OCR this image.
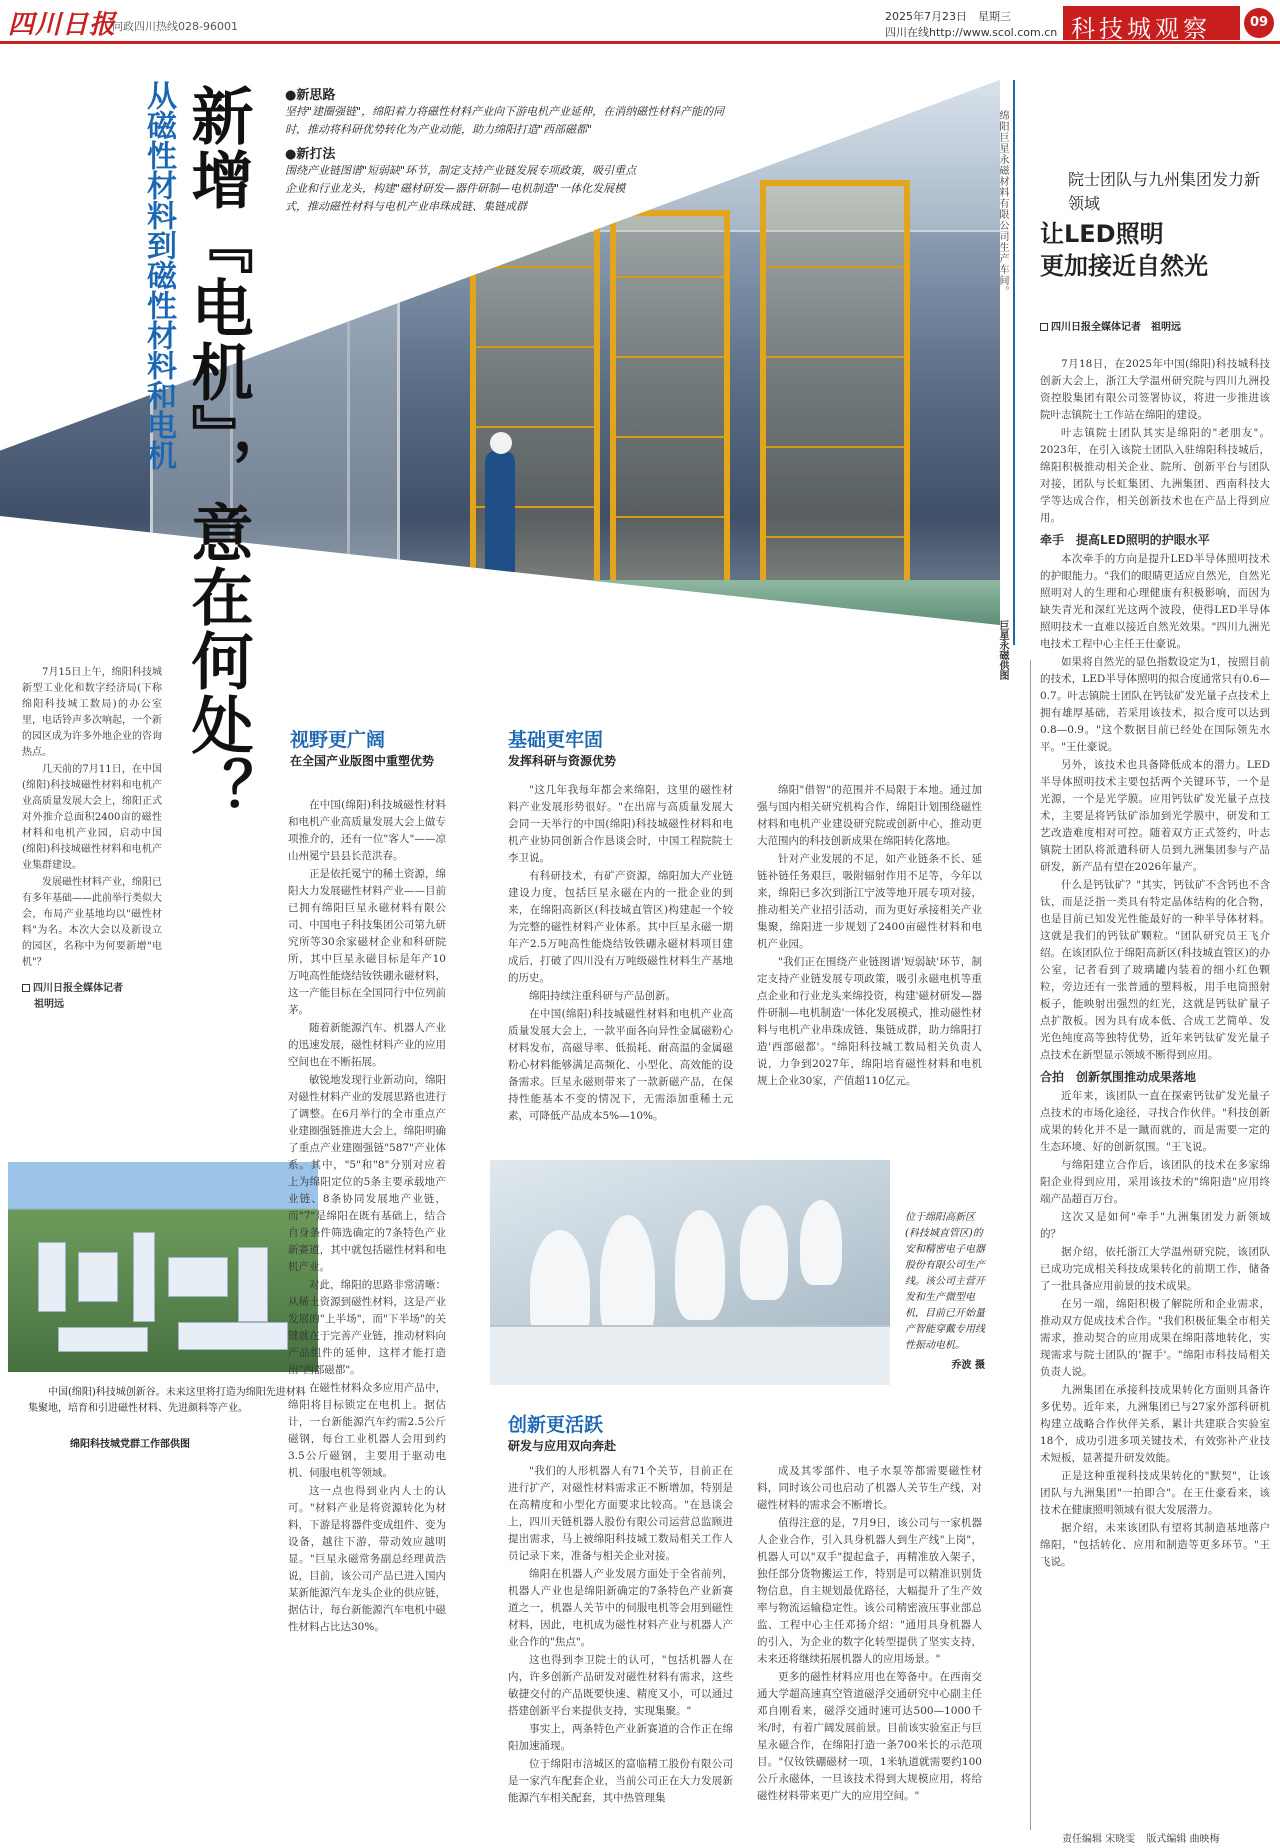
四川日报
问政四川热线028-96001
2025年7月23日　星期三
四川在线http://www.scol.com.cn 科技城观察	09
绵阳巨星永磁材料有限公司生产车间。
巨星永磁供图
从磁性材料到磁性材料和电机 新增『电机』，意在何处？ ●新思路
坚持"建圈强链"，绵阳着力将磁性材料产业向下游电机产业延伸，在消纳磁性材料产能的同时，推动将科研优势转化为产业动能，助力绵阳打造"西部磁都"
●新打法
围绕产业链图谱"短弱缺"环节，制定支持产业链发展专项政策，吸引重点企业和行业龙头，构建"磁材研发—器件研制—电机制造"一体化发展模式，推动磁性材料与电机产业串珠成链、集链成群

7月15日上午，绵阳科技城新型工业化和数字经济局(下称绵阳科技城工数局)的办公室里，电话铃声多次响起，一个新的园区成为许多外地企业的咨询热点。

几天前的7月11日，在中国(绵阳)科技城磁性材料和电机产业高质量发展大会上，绵阳正式对外推介总面积2400亩的磁性材料和电机产业园，启动中国(绵阳)科技城磁性材料和电机产业集群建设。

发展磁性材料产业，绵阳已有多年基础——此前举行类似大会，布局产业基地均以"磁性材料"为名。本次大会以及新设立的园区，名称中为何要新增"电机"？

四川日报全媒体记者
祖明远
中国(绵阳)科技城创新谷。未来这里将打造为绵阳先进材料集聚地，培育和引进磁性材料、先进颜料等产业。
绵阳科技城党群工作部供图
视野更广阔
在全国产业版图中重塑优势

在中国(绵阳)科技城磁性材料和电机产业高质量发展大会上做专项推介的，还有一位"客人"——凉山州冕宁县县长范洪春。

正是依托冕宁的稀土资源，绵阳大力发展磁性材料产业——目前已拥有绵阳巨星永磁材料有限公司、中国电子科技集团公司第九研究所等30余家磁材企业和科研院所，其中巨星永磁目标是年产10万吨高性能烧结钕铁硼永磁材料，这一产能目标在全国同行中位列前茅。

随着新能源汽车、机器人产业的迅速发展，磁性材料产业的应用空间也在不断拓展。

敏锐地发现行业新动向，绵阳对磁性材料产业的发展思路也进行了调整。在6月举行的全市重点产业建圈强链推进大会上，绵阳明确了重点产业建圈强链"587"产业体系。其中，"5"和"8"分别对应着上为绵阳定位的5条主要承载地产业链、8条协同发展地产业链，而"7"是绵阳在既有基础上，结合自身条件筛选确定的7条特色产业新赛道，其中就包括磁性材料和电机产业。

对此，绵阳的思路非常清晰：从稀土资源到磁性材料，这是产业发展的"上半场"，而"下半场"的关键就在于完善产业链，推动材料向产品组件的延伸，这样才能打造出"西部磁都"。

在磁性材料众多应用产品中，绵阳将目标锁定在电机上。据估计，一台新能源汽车约需2.5公斤磁钢，每台工业机器人会用到约3.5公斤磁钢，主要用于驱动电机、伺服电机等领域。

这一点也得到业内人士的认可。"材料产业是将资源转化为材料，下游是将器件变成组件、变为设备，越往下游，带动效应越明显。"巨星永磁常务副总经理黄浩说，目前，该公司产品已进入国内某新能源汽车龙头企业的供应链，据估计，每台新能源汽车电机中磁性材料占比达30%。

基础更牢固
发挥科研与资源优势

"这几年我每年都会来绵阳，这里的磁性材料产业发展形势很好。"在出席与高质量发展大会同一天举行的中国(绵阳)科技城磁性材料和电机产业协同创新合作恳谈会时，中国工程院院士李卫说。

有科研技术，有矿产资源，绵阳加大产业链建设力度，包括巨星永磁在内的一批企业的到来，在绵阳高新区(科技城直管区)构建起一个较为完整的磁性材料产业体系。其中巨星永磁一期年产2.5万吨高性能烧结钕铁硼永磁材料项目建成后，打破了四川没有万吨级磁性材料生产基地的历史。

绵阳持续注重科研与产品创新。

在中国(绵阳)科技城磁性材料和电机产业高质量发展大会上，一款平面各向异性金属磁粉心材料发布，高磁导率、低损耗、耐高温的金属磁粉心材料能够满足高频化、小型化、高效能的设备需求。巨星永磁则带来了一款新磁产品，在保持性能基本不变的情况下，无需添加重稀土元素，可降低产品成本5%—10%。

绵阳"借智"的范围并不局限于本地。通过加强与国内相关研究机构合作，绵阳计划围绕磁性材料和电机产业建设研究院或创新中心，推动更大范围内的科技创新成果在绵阳转化落地。

针对产业发展的不足，如产业链条不长、延链补链任务艰巨，吸附辐射作用不足等，今年以来，绵阳已多次到浙江宁波等地开展专项对接，推动相关产业招引活动，而为更好承接相关产业集聚，绵阳进一步规划了2400亩磁性材料和电机产业园。

"我们正在围绕产业链图谱'短弱缺'环节，制定支持产业链发展专项政策，吸引永磁电机等重点企业和行业龙头来绵投资，构建'磁材研发—器件研制—电机制造'一体化发展模式，推动磁性材料与电机产业串珠成链、集链成群，助力绵阳打造'西部磁都'。"绵阳科技城工数局相关负责人说，力争到2027年，绵阳培育磁性材料和电机规上企业30家，产值超110亿元。

位于绵阳高新区(科技城直管区)的安和精密电子电器股份有限公司生产线。该公司主营开发和生产微型电机，目前已开始量产智能穿戴专用线性振动电机。
乔波 摄
创新更活跃
研发与应用双向奔赴

"我们的人形机器人有71个关节，目前正在进行扩产，对磁性材料需求正不断增加，特别是在高精度和小型化方面要求比较高。"在恳谈会上，四川天链机器人股份有限公司运营总监顾进提出需求，马上被绵阳科技城工数局相关工作人员记录下来，准备与相关企业对接。

绵阳在机器人产业发展方面处于全省前列，机器人产业也是绵阳新确定的7条特色产业新赛道之一，机器人关节中的伺服电机等会用到磁性材料，因此，电机成为磁性材料产业与机器人产业合作的"焦点"。

这也得到李卫院士的认可，"包括机器人在内，许多创新产品研发对磁性材料有需求，这些敏捷交付的产品既要快速、精度又小，可以通过搭建创新平台来提供支持，实现集聚。"

事实上，两条特色产业新赛道的合作正在绵阳加速涌现。

位于绵阳市涪城区的富临精工股份有限公司是一家汽车配套企业，当前公司正在大力发展新能源汽车相关配套，其中热管理集

成及其零部件、电子水泵等都需要磁性材料，同时该公司也启动了机器人关节生产线，对磁性材料的需求会不断增长。

值得注意的是，7月9日，该公司与一家机器人企业合作，引入具身机器人到生产线"上岗"，机器人可以"双手"提起盒子，再精准放入架子，独任部分货物搬运工作，特别是可以精准识别货物信息，自主规划最优路径，大幅提升了生产效率与物流运输稳定性。该公司精密液压事业部总监、工程中心主任邓扬介绍："通用具身机器人的引入，为企业的数字化转型提供了坚实支持，未来还将继续拓展机器人的应用场景。"

更多的磁性材料应用也在筹备中。在西南交通大学超高速真空管道磁浮交通研究中心副主任邓自刚看来，磁浮交通时速可达500—1000千米/时，有着广阔发展前景。目前该实验室正与巨星永磁合作，在绵阳打造一条700米长的示范项目。"仅钕铁硼磁材一项，1米轨道就需要约100公斤永磁体，一旦该技术得到大规模应用，将给磁性材料带来更广大的应用空间。"

院士团队与九州集团发力新领域
让LED照明
更加接近自然光
四川日报全媒体记者　祖明远

7月18日，在2025年中国(绵阳)科技城科技创新大会上，浙江大学温州研究院与四川九洲投资控股集团有限公司签署协议，将进一步推进该院叶志镇院士工作站在绵阳的建设。

叶志镇院士团队其实是绵阳的"老朋友"。2023年，在引入该院士团队入驻绵阳科技城后，绵阳积极推动相关企业、院所、创新平台与团队对接，团队与长虹集团、九洲集团、西南科技大学等达成合作，相关创新技术也在产品上得到应用。

牵手　提高LED照明的护眼水平

本次牵手的方向是提升LED半导体照明技术的护眼能力。"我们的眼睛更适应自然光，自然光照明对人的生理和心理健康有积极影响，而因为缺失青光和深红光这两个波段，使得LED半导体照明技术一直难以接近自然光效果。"四川九洲光电技术工程中心主任王仕豪说。

如果将自然光的显色指数设定为1，按照目前的技术，LED半导体照明的拟合度通常只有0.6—0.7。叶志镇院士团队在钙钛矿发光量子点技术上拥有雄厚基础，若采用该技术，拟合度可以达到0.8—0.9。"这个数据目前已经处在国际领先水平。"王仕豪说。

另外，该技术也具备降低成本的潜力。LED半导体照明技术主要包括两个关键环节，一个是光源，一个是光学膜。应用钙钛矿发光量子点技术，主要是将钙钛矿添加到光学膜中，研发和工艺改造难度相对可控。随着双方正式签约，叶志镇院士团队将派遣科研人员到九洲集团参与产品研发，新产品有望在2026年量产。

什么是钙钛矿？"其实，钙钛矿不含钙也不含钛，而是泛指一类具有特定晶体结构的化合物，也是目前已知发光性能最好的一种半导体材料。这就是我们的钙钛矿颗粒。"团队研究员王飞介绍。在该团队位于绵阳高新区(科技城直管区)的办公室，记者看到了玻璃罐内装着的细小红色颗粒，旁边还有一张普通的塑料板，用手电筒照射板子，能映射出强烈的红光，这就是钙钛矿量子点扩散板。因为具有成本低、合成工艺简单、发光色纯度高等独特优势，近年来钙钛矿发光量子点技术在新型显示领域不断得到应用。

合拍　创新氛围推动成果落地

近年来，该团队一直在探索钙钛矿发光量子点技术的市场化途径，寻找合作伙伴。"科技创新成果的转化并不是一蹴而就的，而是需要一定的生态环境、好的创新氛围。"王飞说。

与绵阳建立合作后，该团队的技术在多家绵阳企业得到应用，采用该技术的"绵阳造"应用终端产品超百万台。

这次又是如何"牵手"九洲集团发力新领域的？

据介绍，依托浙江大学温州研究院，该团队已成功完成相关科技成果转化的前期工作，储备了一批具备应用前景的技术成果。

在另一端，绵阳积极了解院所和企业需求，推动双方促成技术合作。"我们积极征集全市相关需求，推动契合的应用成果在绵阳落地转化，实现需求与院士团队的'握手'。"绵阳市科技局相关负责人说。

九洲集团在承接科技成果转化方面则具备许多优势。近年来，九洲集团已与27家外部科研机构建立战略合作伙伴关系，累计共建联合实验室18个，成功引进多项关键技术，有效弥补产业技术短板，显著提升研发效能。

正是这种重视科技成果转化的"默契"，让该团队与九洲集团"一拍即合"。在王仕豪看来，该技术在健康照明领域有很大发展潜力。

据介绍，未来该团队有望将其制造基地落户绵阳，"包括转化、应用和制造等更多环节。"王飞说。

责任编辑 宋晓雯 版式编辑 曲映梅
